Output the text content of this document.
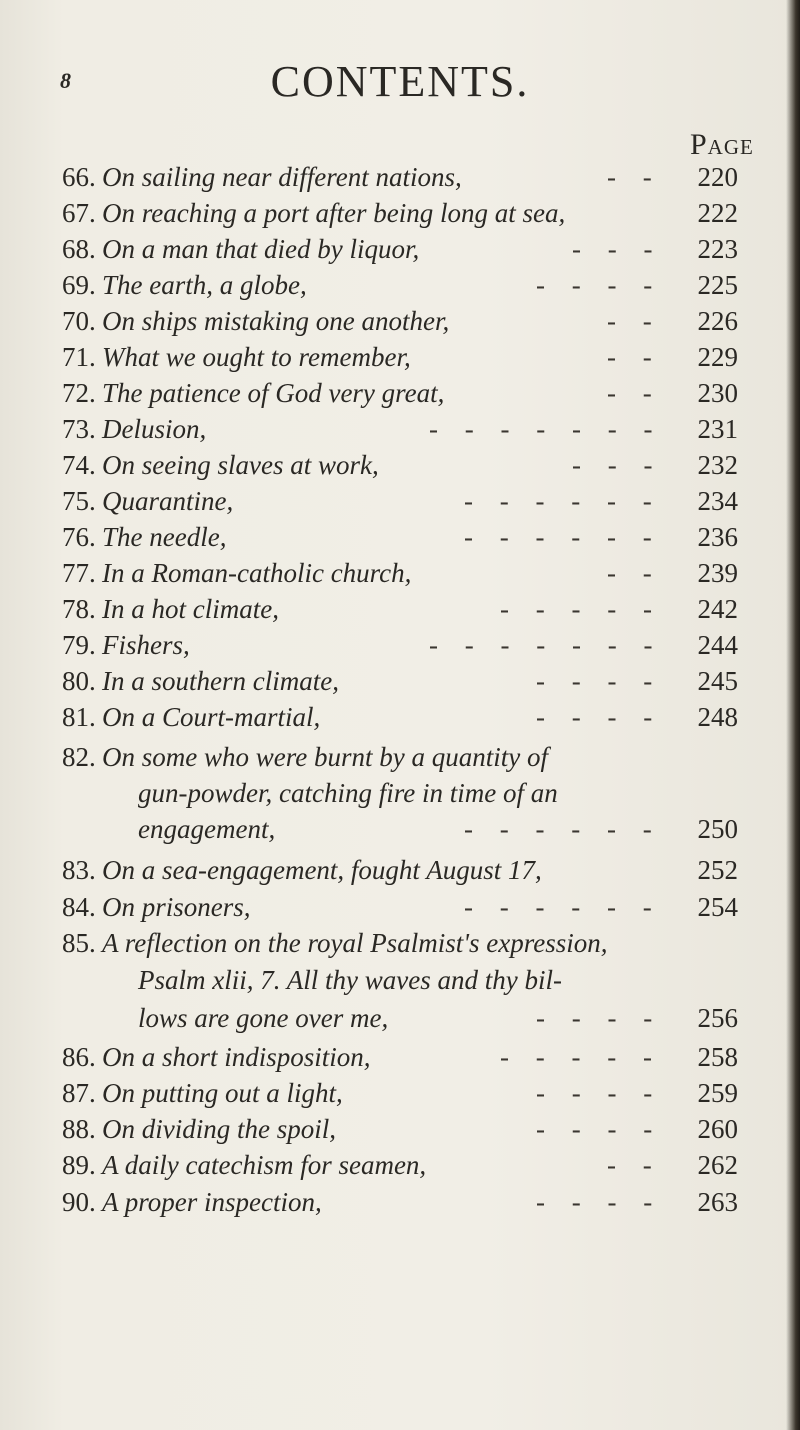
8	CONTENTS.
Page
66. On sailing near different nations,	- -	220
67. On reaching a port after being long at sea,	222
68. On a man that died by liquor,	- - -	223
69. The earth, a globe,	- - - -	225
70. On ships mistaking one another,	- -	226
71. What we ought to remember,	- -	229
72. The patience of God very great,	- -	230
73. Delusion,	- - - - - - -	231
74. On seeing slaves at work,	- - -	232
75. Quarantine,	- - - - - -	234
76. The needle,	- - - - - -	236
77. In a Roman-catholic church,	- -	239
78. In a hot climate,	- - - - -	242
79. Fishers,	- - - - - - -	244
80. In a southern climate,	- - - -	245
81. On a Court-martial,	- - - -	248
82. On some who were burnt by a quantity of
gun-powder, catching fire in time of an
engagement,	- - - - - -	250
83. On a sea-engagement, fought August 17,	252
84. On prisoners,	- - - - - -	254
85. A reflection on the royal Psalmist's expression,
Psalm xlii, 7. All thy waves and thy bil-
lows are gone over me,	- - - -	256
86. On a short indisposition,	- - - - -	258
87. On putting out a light,	- - - -	259
88. On dividing the spoil,	- - - -	260
89. A daily catechism for seamen,	- -	262
90. A proper inspection,	- - - -	263
